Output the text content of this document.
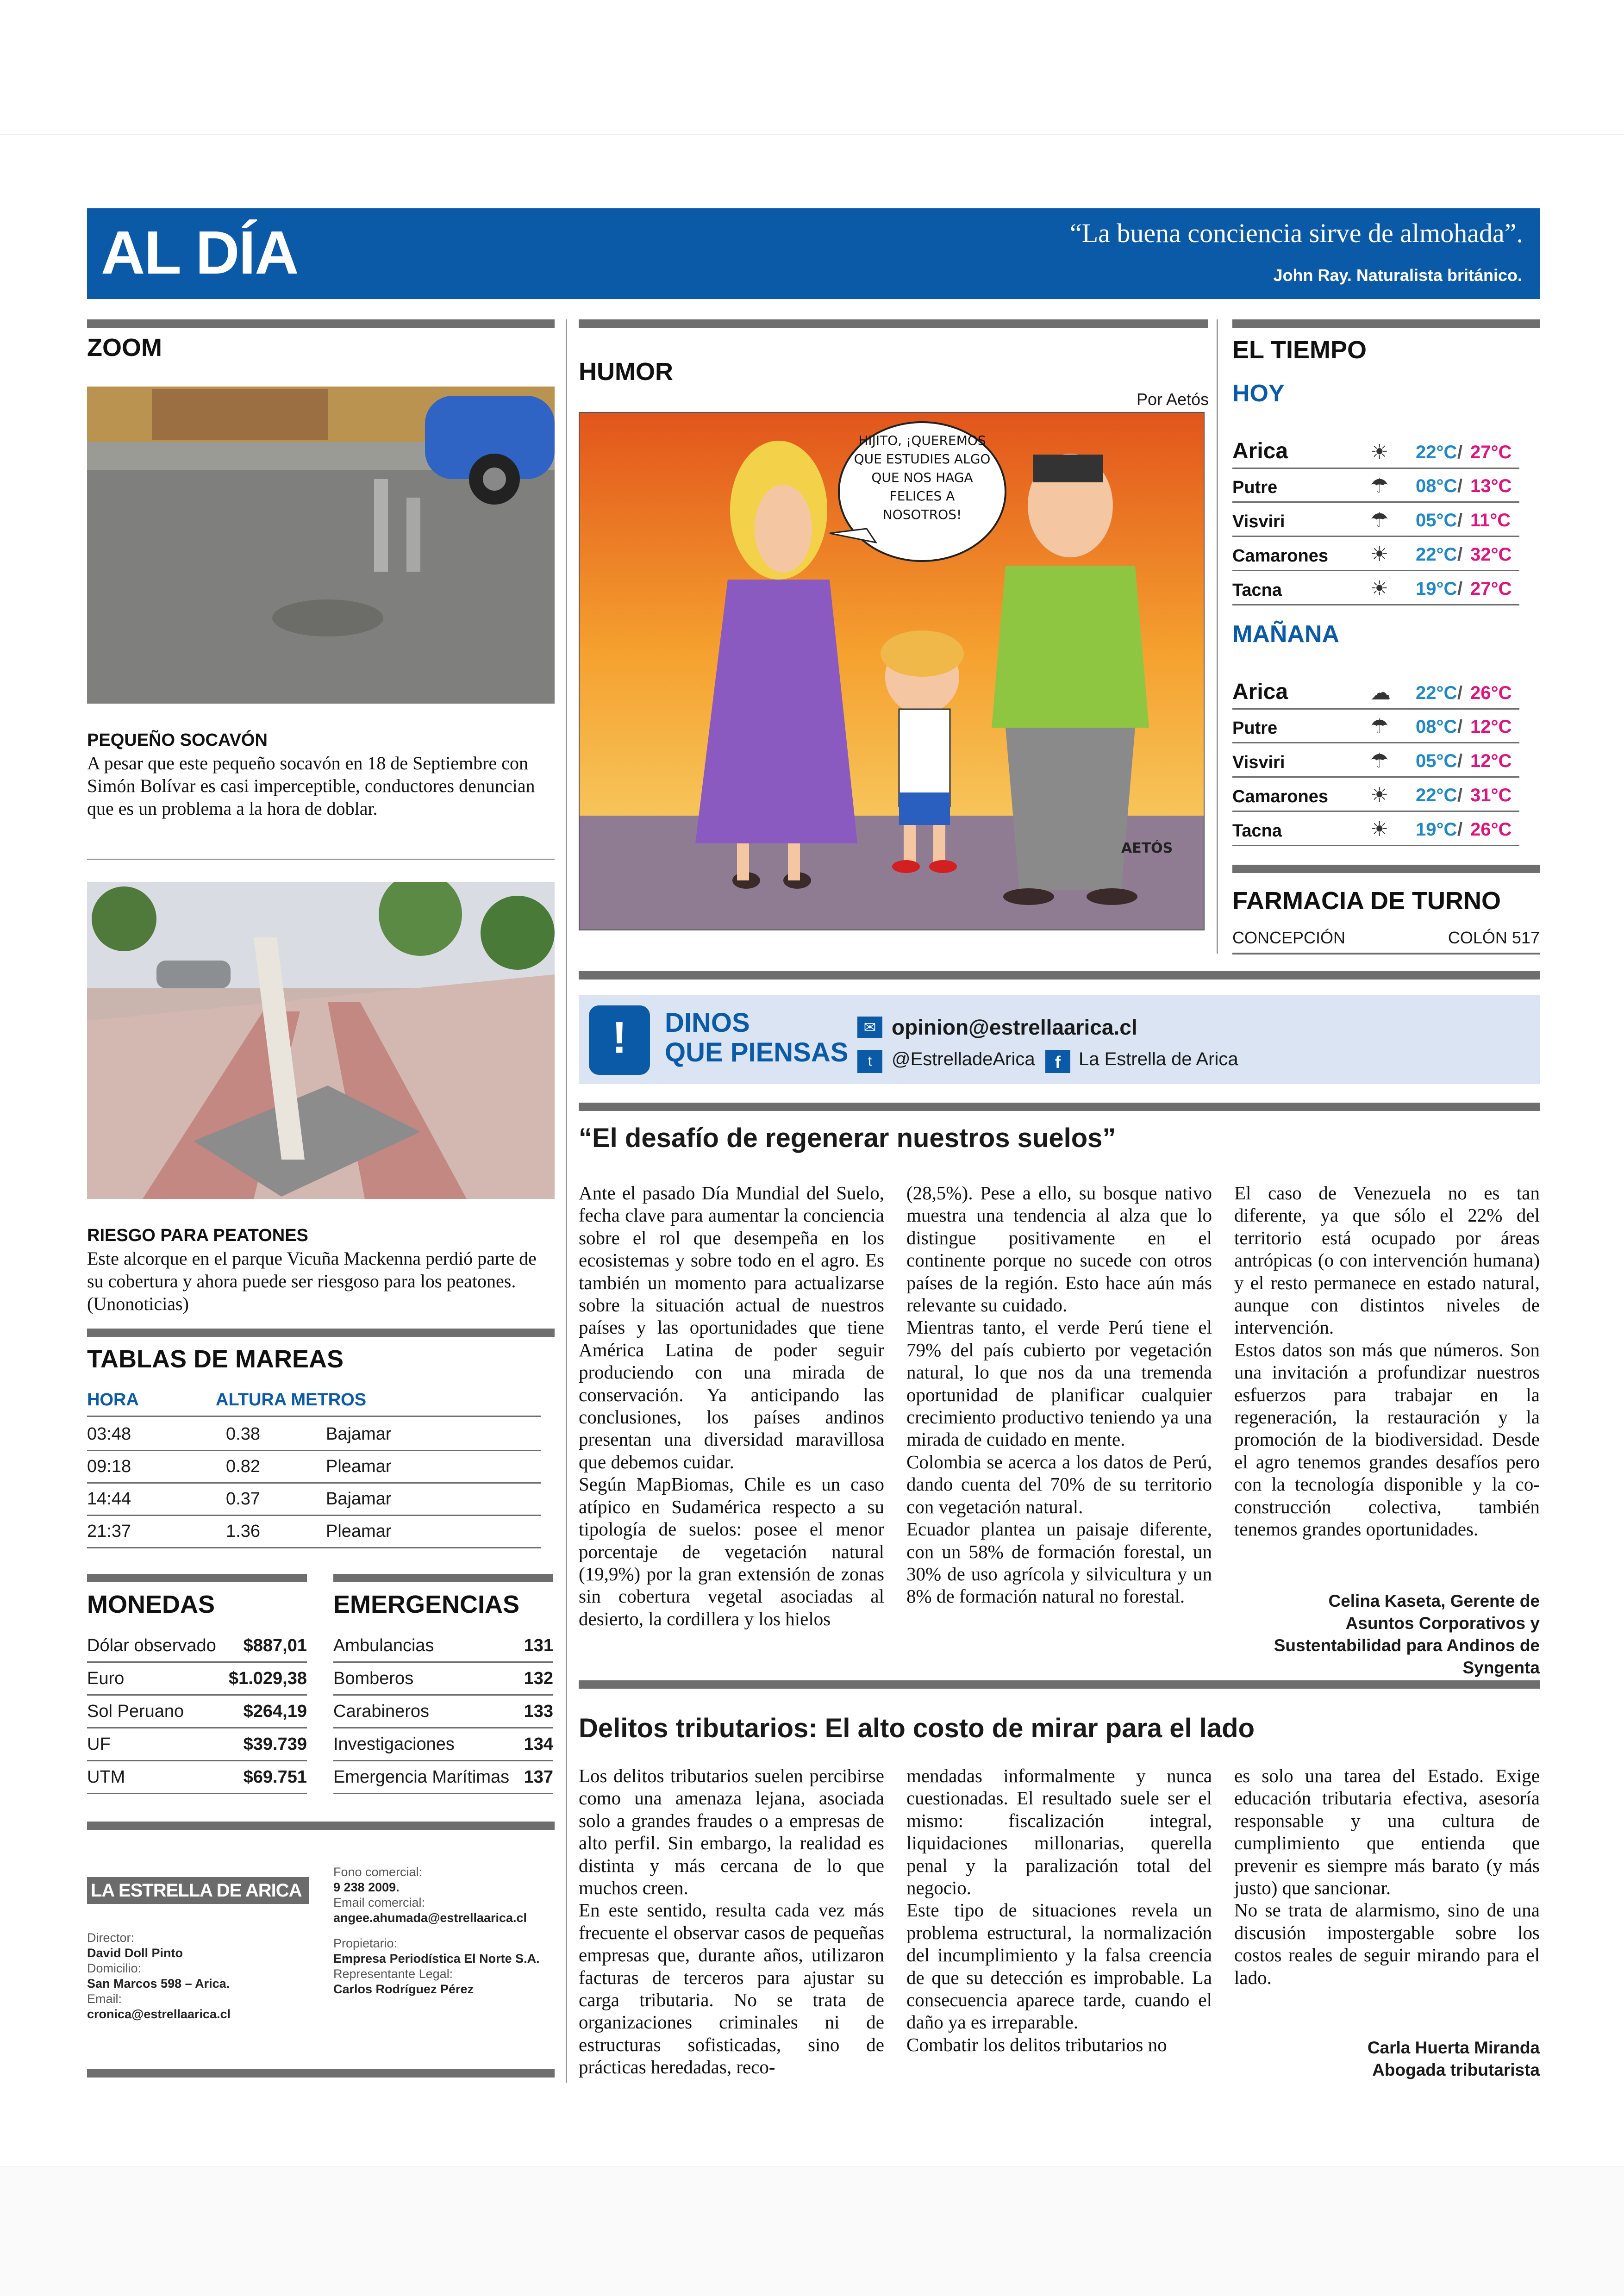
AL DÍA	“La buena conciencia sirve de almohada”.
John Ray. Naturalista británico.
ZOOM
PEQUEÑO SOCAVÓN
A pesar que este pequeño socavón en 18 de Septiembre con Simón Bolívar es casi imperceptible, conductores denuncian que es un problema a la hora de doblar.
RIESGO PARA PEATONES
Este alcorque en el parque Vicuña Mackenna perdió parte de su cobertura y ahora puede ser riesgoso para los peatones. (Unonoticias)
TABLAS DE MAREAS
HORA	ALTURA METROS
03:48	0.38	Bajamar
09:18	0.82	Pleamar
14:44	0.37	Bajamar
21:37	1.36	Pleamar
MONEDAS
Dólar observado $887,01
Euro	$1.029,38
Sol Peruano	$264,19
UF	$39.739
UTM	$69.751
EMERGENCIAS
Ambulancias	131
Bomberos	132
Carabineros	133
Investigaciones	134
Emergencia Marítimas 137
LA ESTRELLA DE ARICA
Director:
David Doll Pinto
Domicilio:
San Marcos 598 – Arica.
Email:
cronica@estrellaarica.cl
Fono comercial:
9 238 2009.
Email comercial:
angee.ahumada@estrellaarica.cl
Propietario:
Empresa Periodística El Norte S.A.
Representante Legal:
Carlos Rodríguez Pérez
HUMOR
Por Aetós
HIJITO, ¡QUEREMOS QUE ESTUDIES ALGO QUE NOS HAGA FELICES A NOSOTROS!
AETÓS
EL TIEMPO
HOY
Arica	☀ 22°C / 27°C
Putre	☂ 08°C / 13°C
Visviri	☂ 05°C / 11°C
Camarones ☀ 22°C / 32°C
Tacna	☀ 19°C / 27°C
MAÑANA
Arica	☁ 22°C / 26°C
Putre	☂ 08°C / 12°C
Visviri	☂ 05°C / 12°C
Camarones ☀ 22°C / 31°C
Tacna	☀ 19°C / 26°C
FARMACIA DE TURNO
CONCEPCIÓN	COLÓN 517
!	DINOS
QUE PIENSAS
✉ opinion@estrellaarica.cl
t	@EstrelladeArica	f La Estrella de Arica
“El desafío de regenerar nuestros suelos”
Ante el pasado Día Mundial del Suelo, fecha clave para aumentar la conciencia sobre el rol que desempeña en los ecosistemas y sobre todo en el agro. Es también un momento para actualizarse sobre la situación actual de nuestros países y las oportunidades que tiene América Latina de poder seguir produciendo con una mirada de conservación. Ya anticipando las conclusiones, los países andinos presentan una diversidad maravillosa que debemos cuidar.
Según MapBiomas, Chile es un caso atípico en Sudamérica respecto a su tipología de suelos: posee el menor porcentaje de vegetación natural (19,9%) por la gran extensión de zonas sin cobertura vegetal asociadas al desierto, la cordillera y los hielos
(28,5%). Pese a ello, su bosque nativo muestra una tendencia al alza que lo distingue positivamente en el continente porque no sucede con otros países de la región. Esto hace aún más relevante su cuidado.
Mientras tanto, el verde Perú tiene el 79% del país cubierto por vegetación natural, lo que nos da una tremenda oportunidad de planificar cualquier crecimiento productivo teniendo ya una mirada de cuidado en mente.
Colombia se acerca a los datos de Perú, dando cuenta del 70% de su territorio con vegetación natural.
Ecuador plantea un paisaje diferente, con un 58% de formación forestal, un 30% de uso agrícola y silvicultura y un 8% de formación natural no forestal.
El caso de Venezuela no es tan diferente, ya que sólo el 22% del territorio está ocupado por áreas antrópicas (o con intervención humana) y el resto permanece en estado natural, aunque con distintos niveles de intervención.
Estos datos son más que números. Son una invitación a profundizar nuestros esfuerzos para trabajar en la regeneración, la restauración y la promoción de la biodiversidad. Desde el agro tenemos grandes desafíos pero con la tecnología disponible y la co-construcción colectiva, también tenemos grandes oportunidades.
Celina Kaseta, Gerente de Asuntos Corporativos y Sustentabilidad para Andinos de Syngenta
Delitos tributarios: El alto costo de mirar para el lado
Los delitos tributarios suelen percibirse como una amenaza lejana, asociada solo a grandes fraudes o a empresas de alto perfil. Sin embargo, la realidad es distinta y más cercana de lo que muchos creen.
En este sentido, resulta cada vez más frecuente el observar casos de pequeñas empresas que, durante años, utilizaron facturas de terceros para ajustar su carga tributaria. No se trata de organizaciones criminales ni de estructuras sofisticadas, sino de prácticas heredadas, reco-
mendadas informalmente y nunca cuestionadas. El resultado suele ser el mismo: fiscalización integral, liquidaciones millonarias, querella penal y la paralización total del negocio.
Este tipo de situaciones revela un problema estructural, la normalización del incumplimiento y la falsa creencia de que su detección es improbable. La consecuencia aparece tarde, cuando el daño ya es irreparable.
Combatir los delitos tributarios no
es solo una tarea del Estado. Exige educación tributaria efectiva, asesoría responsable y una cultura de cumplimiento que entienda que prevenir es siempre más barato (y más justo) que sancionar.
No se trata de alarmismo, sino de una discusión impostergable sobre los costos reales de seguir mirando para el lado.
Carla Huerta Miranda
Abogada tributarista
